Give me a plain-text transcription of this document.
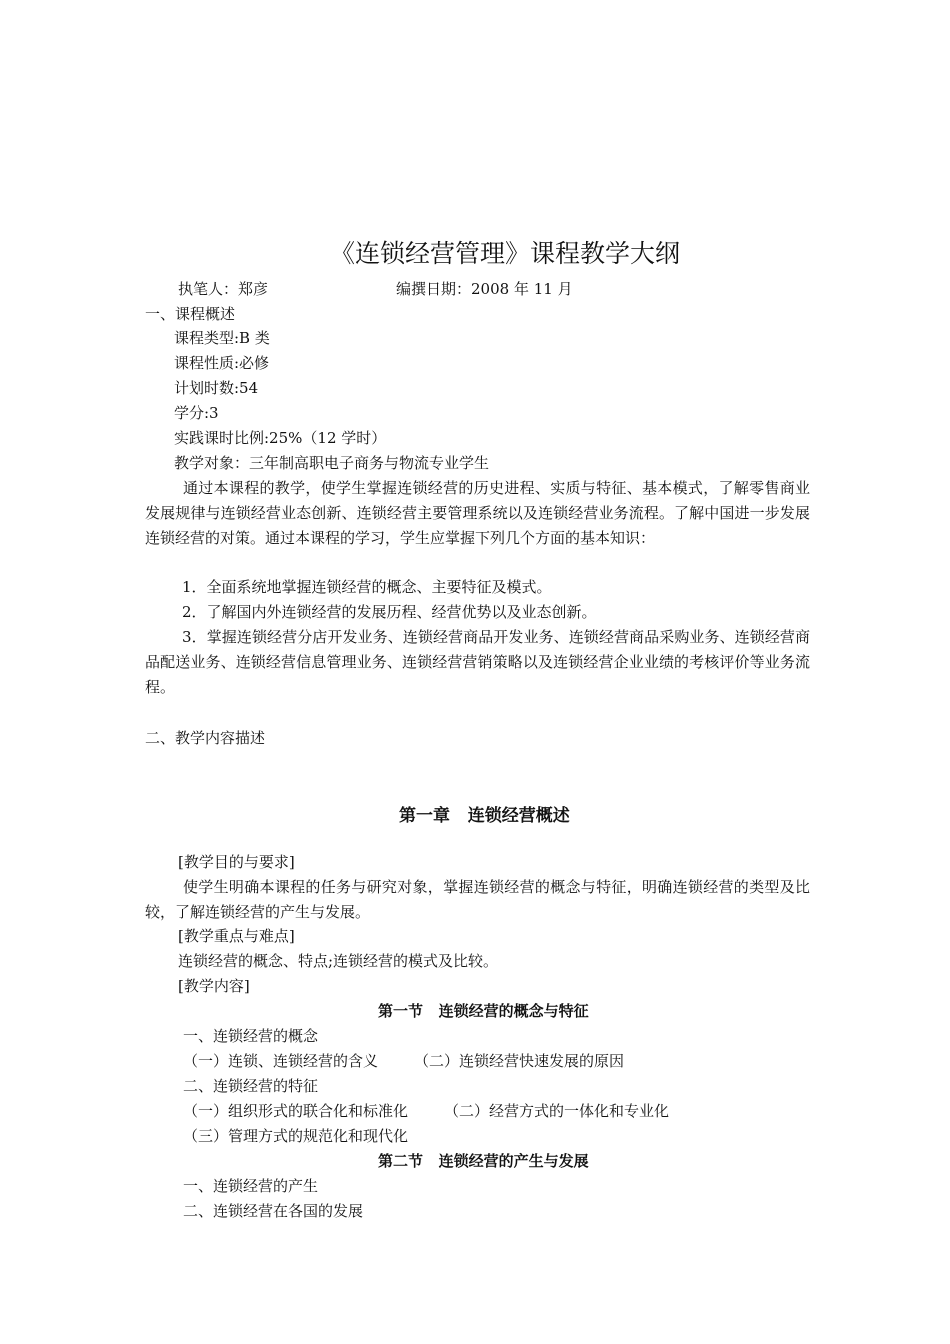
《连锁经营管理》课程教学大纲
执笔人：郑彦	编撰日期：2008 年 11 月
一、课程概述
课程类型:B 类
课程性质:必修
计划时数:54
学分:3
实践课时比例:25%（12 学时）
教学对象：三年制高职电子商务与物流专业学生
通过本课程的教学，使学生掌握连锁经营的历史进程、实质与特征、基本模式，了解零售商业发展规律与连锁经营业态创新、连锁经营主要管理系统以及连锁经营业务流程。了解中国进一步发展连锁经营的对策。通过本课程的学习，学生应掌握下列几个方面的基本知识：
1．全面系统地掌握连锁经营的概念、主要特征及模式。
2．了解国内外连锁经营的发展历程、经营优势以及业态创新。
3．掌握连锁经营分店开发业务、连锁经营商品开发业务、连锁经营商品采购业务、连锁经营商品配送业务、连锁经营信息管理业务、连锁经营营销策略以及连锁经营企业业绩的考核评价等业务流程。
二、教学内容描述
第一章   连锁经营概述
[教学目的与要求]
使学生明确本课程的任务与研究对象，掌握连锁经营的概念与特征，明确连锁经营的类型及比较，了解连锁经营的产生与发展。
[教学重点与难点]
连锁经营的概念、特点;连锁经营的模式及比较。
[教学内容]
第一节   连锁经营的概念与特征
一、连锁经营的概念
（一）连锁、连锁经营的含义 （二）连锁经营快速发展的原因
二、连锁经营的特征
（一）组织形式的联合化和标准化 （二）经营方式的一体化和专业化
（三）管理方式的规范化和现代化
第二节   连锁经营的产生与发展
一、连锁经营的产生
二、连锁经营在各国的发展
